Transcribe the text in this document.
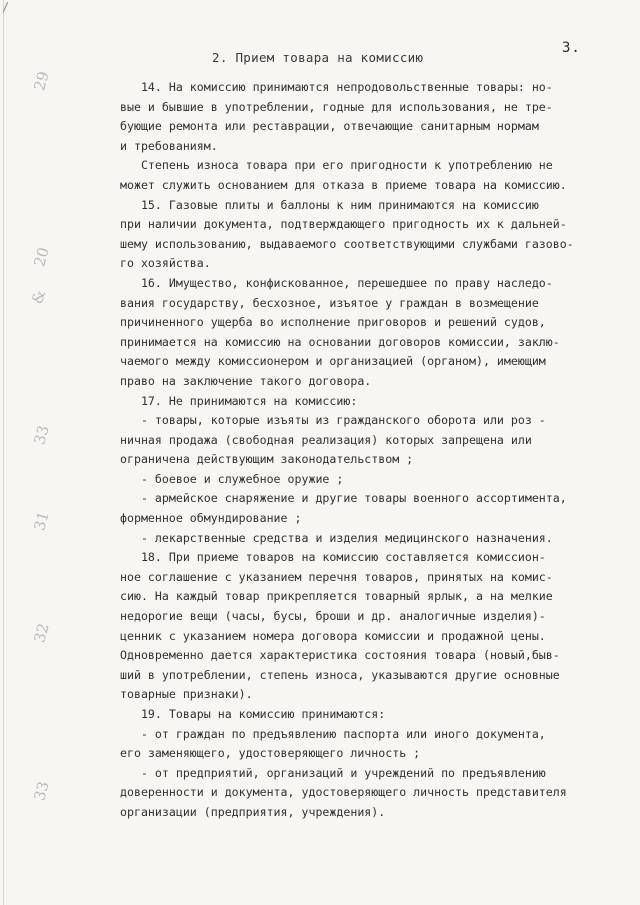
/
3.
2. Прием товара на комиссию
14. На комиссию принимаются непродовольственные товары: но-
вые и бывшие в употреблении, годные для использования, не тре-
бующие ремонта или реставрации, отвечающие санитарным нормам
и требованиям.
Степень износа товара при его пригодности к употреблению не
может служить основанием для отказа в приеме товара на комиссию.
15. Газовые плиты и баллоны к ним принимаются на комиссию
при наличии документа, подтверждающего пригодность их к дальней-
шему использованию, выдаваемого соответствующими службами газово-
го хозяйства.
16. Имущество, конфискованное, перешедшее по праву наследо-
вания государству, бесхозное, изъятое у граждан в возмещение
причиненного ущерба во исполнение приговоров и решений судов,
принимается на комиссию на основании договоров комиссии, заклю-
чаемого между комиссионером и организацией (органом), имеющим
право на заключение такого договора.
17. Не принимаются на комиссию:
- товары, которые изъяты из гражданского оборота или роз -
ничная продажа (свободная реализация) которых запрещена или
ограничена действующим законодательством ;
- боевое и служебное оружие ;
- армейское снаряжение и другие товары военного ассортимента,
форменное обмундирование ;
- лекарственные средства и изделия медицинского назначения.
18. При приеме товаров на комиссию составляется комиссион-
ное соглашение с указанием перечня товаров, принятых на комис-
сию. На каждый товар прикрепляется товарный ярлык, а на мелкие
недорогие вещи (часы, бусы, броши и др. аналогичные изделия)-
ценник с указанием номера договора комиссии и продажной цены.
Одновременно дается характеристика состояния товара (новый,быв-
ший в употреблении, степень износа, указываются другие основные
товарные признаки).
19. Товары на комиссию принимаются:
- от граждан по предъявлению паспорта или иного документа,
его заменяющего, удостоверяющего личность ;
- от предприятий, организаций и учреждений по предъявлению
доверенности и документа, удостоверяющего личность представителя
организации (предприятия, учреждения).
29
20
&
33
31
32
33
